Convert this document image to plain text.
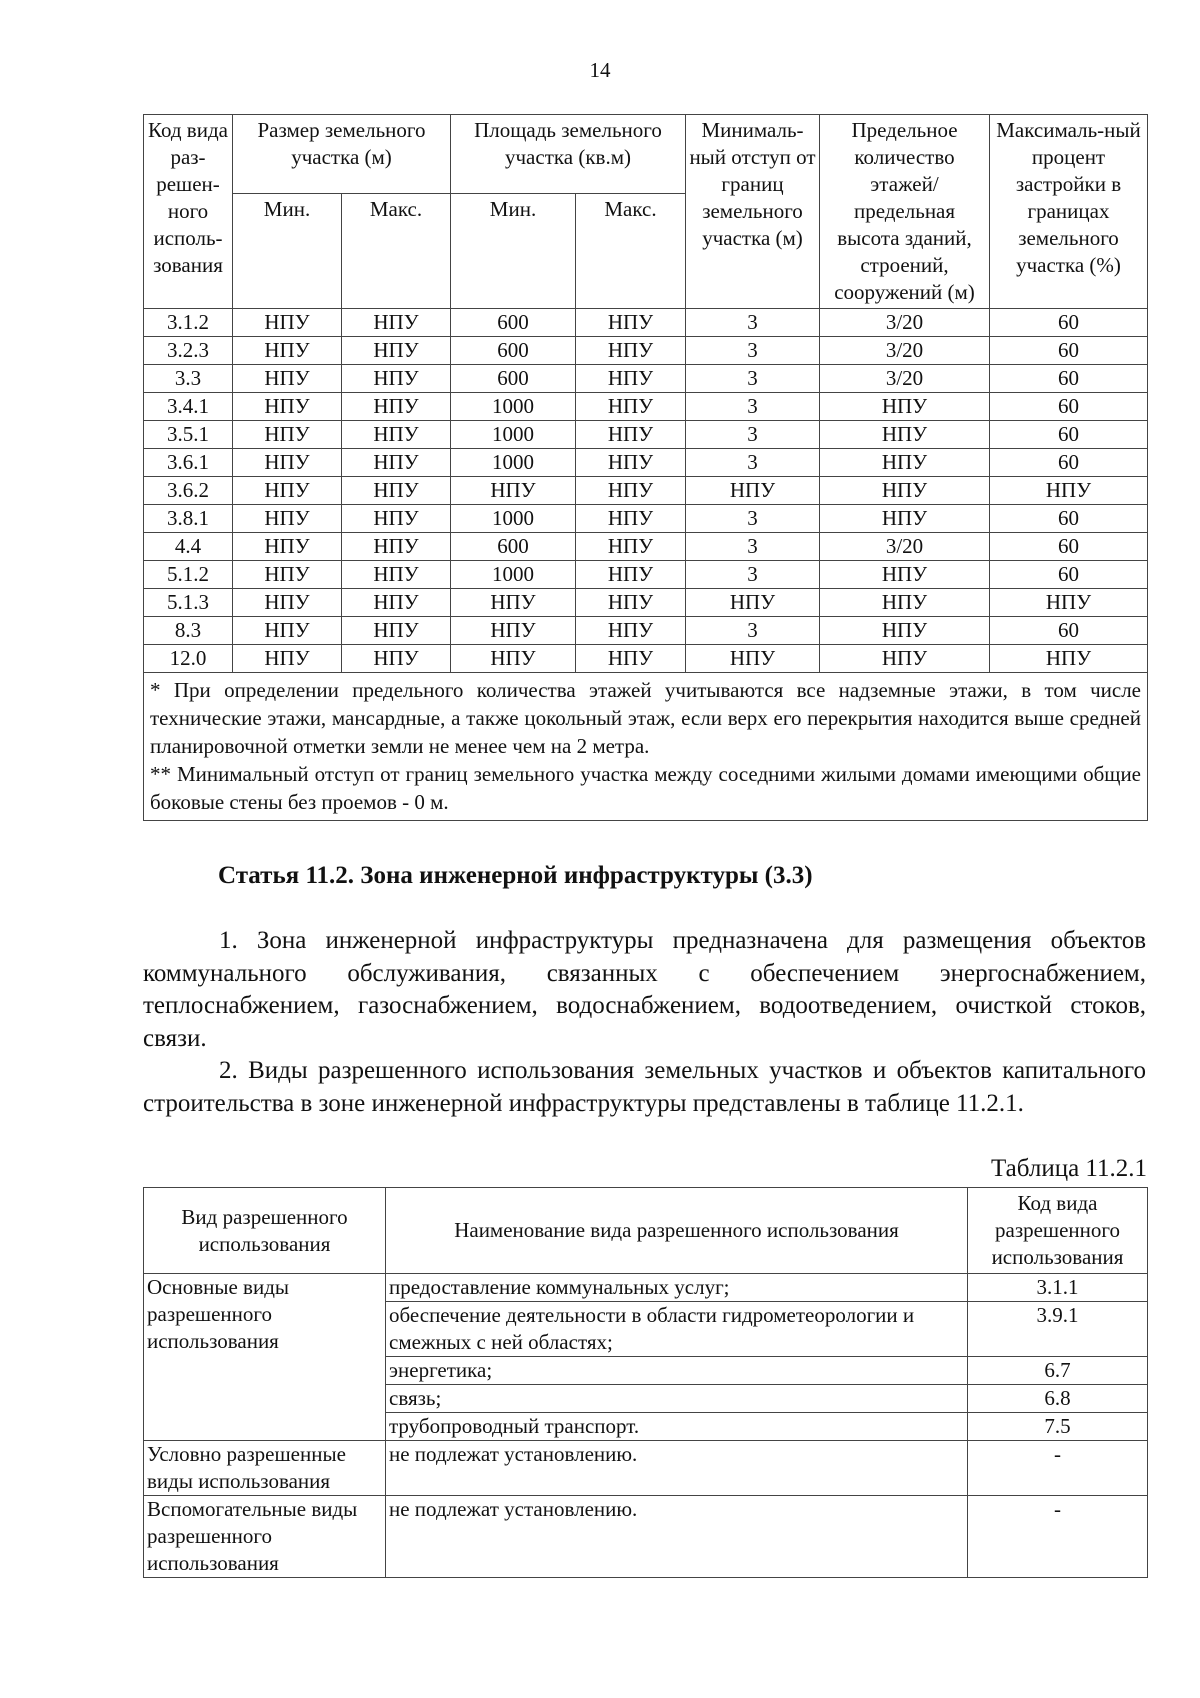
14
Код вида раз-решен-ного исполь-зования	Размер земельного участка (м)		Площадь земельного участка (кв.м)		Минималь-ный отступ от границ земельного участка (м)	Предельное количество этажей/ предельная высота зданий, строений, сооружений (м)	Максималь-ный процент застройки в границах земельного участка (%)
	Мин.	Макс.	Мин.	Макс.			
3.1.2	НПУ	НПУ	600	НПУ	3	3/20	60
3.2.3	НПУ	НПУ	600	НПУ	3	3/20	60
3.3	НПУ	НПУ	600	НПУ	3	3/20	60
3.4.1	НПУ	НПУ	1000	НПУ	3	НПУ	60
3.5.1	НПУ	НПУ	1000	НПУ	3	НПУ	60
3.6.1	НПУ	НПУ	1000	НПУ	3	НПУ	60
3.6.2	НПУ	НПУ	НПУ	НПУ	НПУ	НПУ	НПУ
3.8.1	НПУ	НПУ	1000	НПУ	3	НПУ	60
4.4	НПУ	НПУ	600	НПУ	3	3/20	60
5.1.2	НПУ	НПУ	1000	НПУ	3	НПУ	60
5.1.3	НПУ	НПУ	НПУ	НПУ	НПУ	НПУ	НПУ
8.3	НПУ	НПУ	НПУ	НПУ	3	НПУ	60
12.0	НПУ	НПУ	НПУ	НПУ	НПУ	НПУ	НПУ

* При определении предельного количества этажей учитываются все надземные этажи, в том числе технические этажи, мансардные, а также цокольный этаж, если верх его перекрытия находится выше средней планировочной отметки земли не менее чем на 2 метра.

** Минимальный отступ от границ земельного участка между соседними жилыми домами имеющими общие боковые стены без проемов - 0 м.							

Статья 11.2. Зона инженерной инфраструктуры (3.3)

1. Зона инженерной инфраструктуры предназначена для размещения объектов коммунального обслуживания, связанных с обеспечением энергоснабжением, теплоснабжением, газоснабжением, водоснабжением, водоотведением, очисткой стоков, связи.

2. Виды разрешенного использования земельных участков и объектов капитального строительства в зоне инженерной инфраструктуры представлены в таблице 11.2.1.

Таблица 11.2.1
Вид разрешенного использования	Наименование вида разрешенного использования	Код вида разрешенного использования
Основные виды разрешенного использования	предоставление коммунальных услуг;	3.1.1
	обеспечение деятельности в области гидрометеорологии и смежных с ней областях;	3.9.1
	энергетика;	6.7
	связь;	6.8
	трубопроводный транспорт.	7.5
Условно разрешенные виды использования	не подлежат установлению.	-
Вспомогательные виды разрешенного использования	не подлежат установлению.	-
